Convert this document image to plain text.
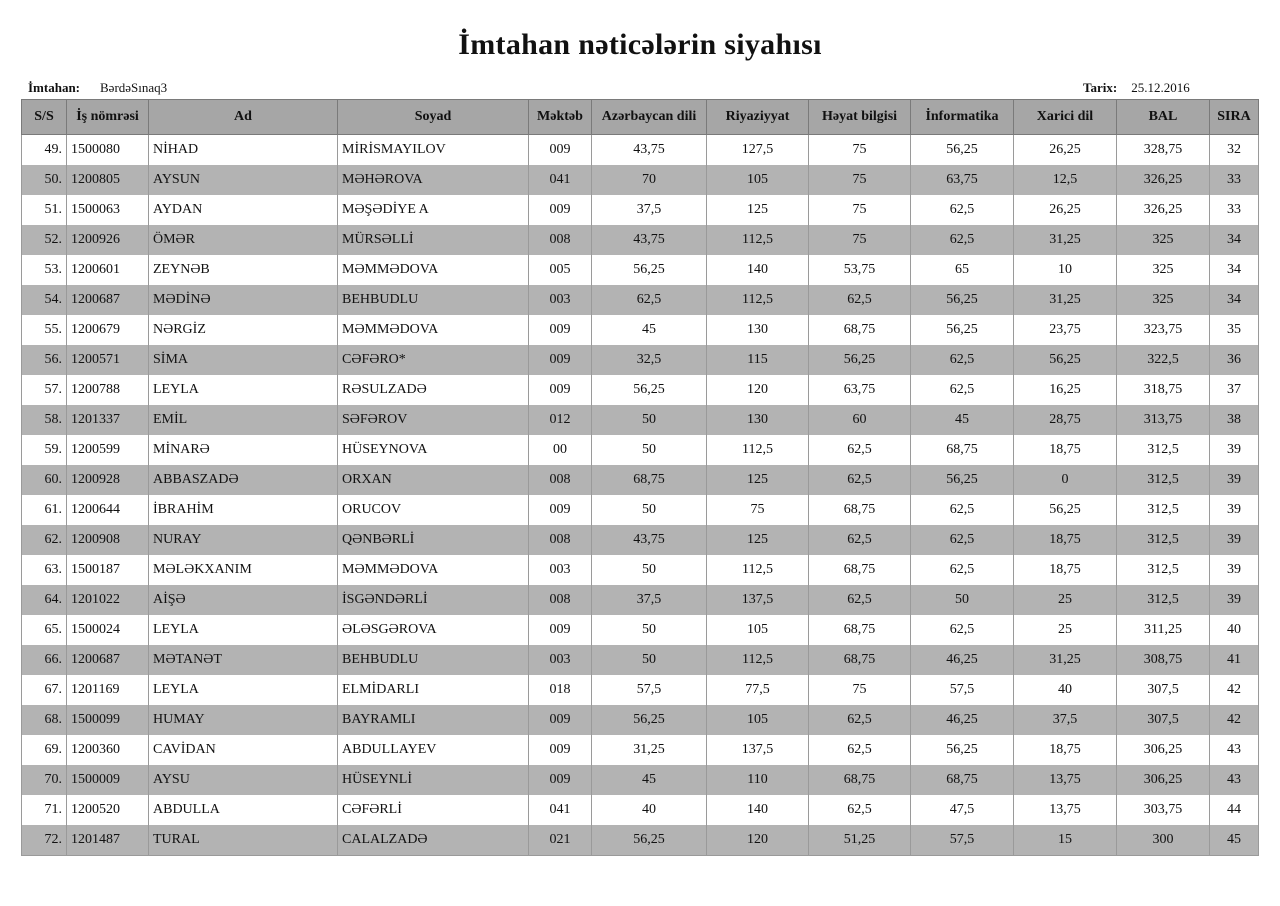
İmtahan nəticələrin siyahısı
İmtahan: BərdəSınaq3	Tarix: 25.12.2016
S/S	İş nömrəsi	Ad	Soyad	Məktəb	Azərbaycan dili	Riyaziyyat	Həyat bilgisi	İnformatika	Xarici dil	BAL	SIRA
49.	1500080	NİHAD	MİRİSMAYILOV	009	43,75	127,5	75	56,25	26,25	328,75	32
50.	1200805	AYSUN	MƏHƏROVA	041	70	105	75	63,75	12,5	326,25	33
51.	1500063	AYDAN	MƏŞƏDİYE A	009	37,5	125	75	62,5	26,25	326,25	33
52.	1200926	ÖMƏR	MÜRSƏLLİ	008	43,75	112,5	75	62,5	31,25	325	34
53.	1200601	ZEYNƏB	MƏMMƏDOVA	005	56,25	140	53,75	65	10	325	34
54.	1200687	MƏDİNƏ	BEHBUDLU	003	62,5	112,5	62,5	56,25	31,25	325	34
55.	1200679	NƏRGİZ	MƏMMƏDOVA	009	45	130	68,75	56,25	23,75	323,75	35
56.	1200571	SİMA	CƏFƏRO*	009	32,5	115	56,25	62,5	56,25	322,5	36
57.	1200788	LEYLA	RƏSULZADƏ	009	56,25	120	63,75	62,5	16,25	318,75	37
58.	1201337	EMİL	SƏFƏROV	012	50	130	60	45	28,75	313,75	38
59.	1200599	MİNARƏ	HÜSEYNOVA	00	50	112,5	62,5	68,75	18,75	312,5	39
60.	1200928	ABBASZADƏ	ORXAN	008	68,75	125	62,5	56,25	0	312,5	39
61.	1200644	İBRAHİM	ORUCOV	009	50	75	68,75	62,5	56,25	312,5	39
62.	1200908	NURAY	QƏNBƏRLİ	008	43,75	125	62,5	62,5	18,75	312,5	39
63.	1500187	MƏLƏKXANIM	MƏMMƏDOVA	003	50	112,5	68,75	62,5	18,75	312,5	39
64.	1201022	AİŞƏ	İSGƏNDƏRLİ	008	37,5	137,5	62,5	50	25	312,5	39
65.	1500024	LEYLA	ƏLƏSGƏROVA	009	50	105	68,75	62,5	25	311,25	40
66.	1200687	MƏTANƏT	BEHBUDLU	003	50	112,5	68,75	46,25	31,25	308,75	41
67.	1201169	LEYLA	ELMİDARLI	018	57,5	77,5	75	57,5	40	307,5	42
68.	1500099	HUMAY	BAYRAMLI	009	56,25	105	62,5	46,25	37,5	307,5	42
69.	1200360	CAVİDAN	ABDULLAYEV	009	31,25	137,5	62,5	56,25	18,75	306,25	43
70.	1500009	AYSU	HÜSEYNLİ	009	45	110	68,75	68,75	13,75	306,25	43
71.	1200520	ABDULLA	CƏFƏRLİ	041	40	140	62,5	47,5	13,75	303,75	44
72.	1201487	TURAL	CALALZADƏ	021	56,25	120	51,25	57,5	15	300	45
